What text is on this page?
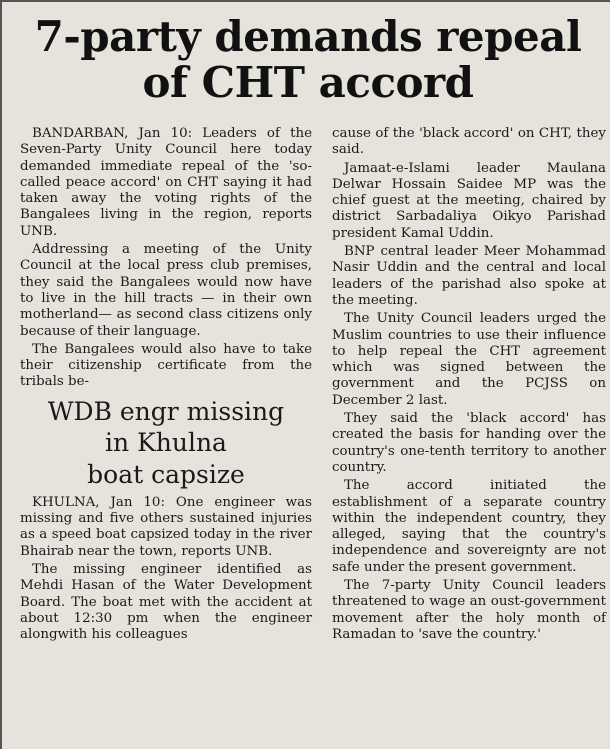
7-party demands repeal
of CHT accord

BANDARBAN, Jan 10: Leaders of the Seven-Party Unity Council here today demanded immediate repeal of the 'so-called peace accord' on CHT saying it had taken away the voting rights of the Bangalees living in the region, reports UNB.

Addressing a meeting of the Unity Council at the local press club premises, they said the Bangalees would now have to live in the hill tracts — in their own motherland— as second class citizens only because of their language.

The Bangalees would also have to take their citizenship certificate from the tribals be-

WDB engr missing
in Khulna
boat capsize

KHULNA, Jan 10: One engineer was missing and five others sustained injuries as a speed boat capsized today in the river Bhairab near the town, reports UNB.

The missing engineer identified as Mehdi Hasan of the Water Development Board. The boat met with the accident at about 12:30 pm when the engineer alongwith his colleagues

cause of the 'black accord' on CHT, they said.

Jamaat-e-Islami leader Maulana Delwar Hossain Saidee MP was the chief guest at the meeting, chaired by district Sarbadaliya Oikyo Parishad president Kamal Uddin.

BNP central leader Meer Mohammad Nasir Uddin and the central and local leaders of the parishad also spoke at the meeting.

The Unity Council leaders urged the Muslim countries to use their influence to help repeal the CHT agreement which was signed between the government and the PCJSS on December 2 last.

They said the 'black accord' has created the basis for handing over the country's one-tenth territory to another country.

The accord initiated the establishment of a separate country within the independent country, they alleged, saying that the country's independence and sovereignty are not safe under the present government.

The 7-party Unity Council leaders threatened to wage an oust-government movement after the holy month of Ramadan to 'save the country.'
